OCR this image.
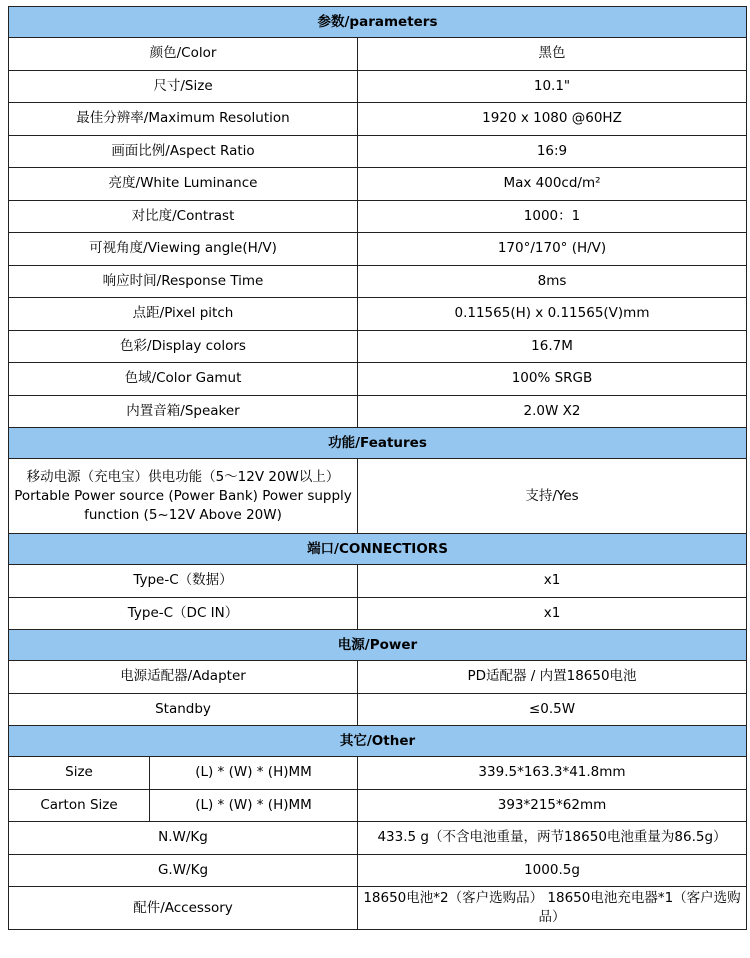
参数/parameters		
颜色/Color		黑色
尺寸/Size		10.1"
最佳分辨率/Maximum Resolution		1920 x 1080 @60HZ
画面比例/Aspect Ratio		16:9
亮度/White Luminance		Max 400cd/m²
对比度/Contrast		1000：1
可视角度/Viewing angle(H/V)		170°/170° (H/V)
响应时间/Response Time		8ms
点距/Pixel pitch		0.11565(H) x 0.11565(V)mm
色彩/Display colors		16.7M
色域/Color Gamut		100% SRGB
内置音箱/Speaker		2.0W X2
功能/Features		

移动电源（充电宝）供电功能（5～12V 20W以上）
Portable Power source (Power Bank) Power supply
function (5~12V Above 20W)		支持/Yes
端口/CONNECTIORS		
Type-C（数据）		x1
Type-C（DC IN）		x1
电源/Power		
电源适配器/Adapter		PD适配器 / 内置18650电池
Standby		≤0.5W
其它/Other		
Size	(L) * (W) * (H)MM	339.5*163.3*41.8mm
Carton Size	(L) * (W) * (H)MM	393*215*62mm
N.W/Kg		433.5 g（不含电池重量，两节18650电池重量为86.5g）
G.W/Kg		1000.5g
配件/Accessory		18650电池*2（客户选购品） 18650电池充电器*1（客户选购品）
